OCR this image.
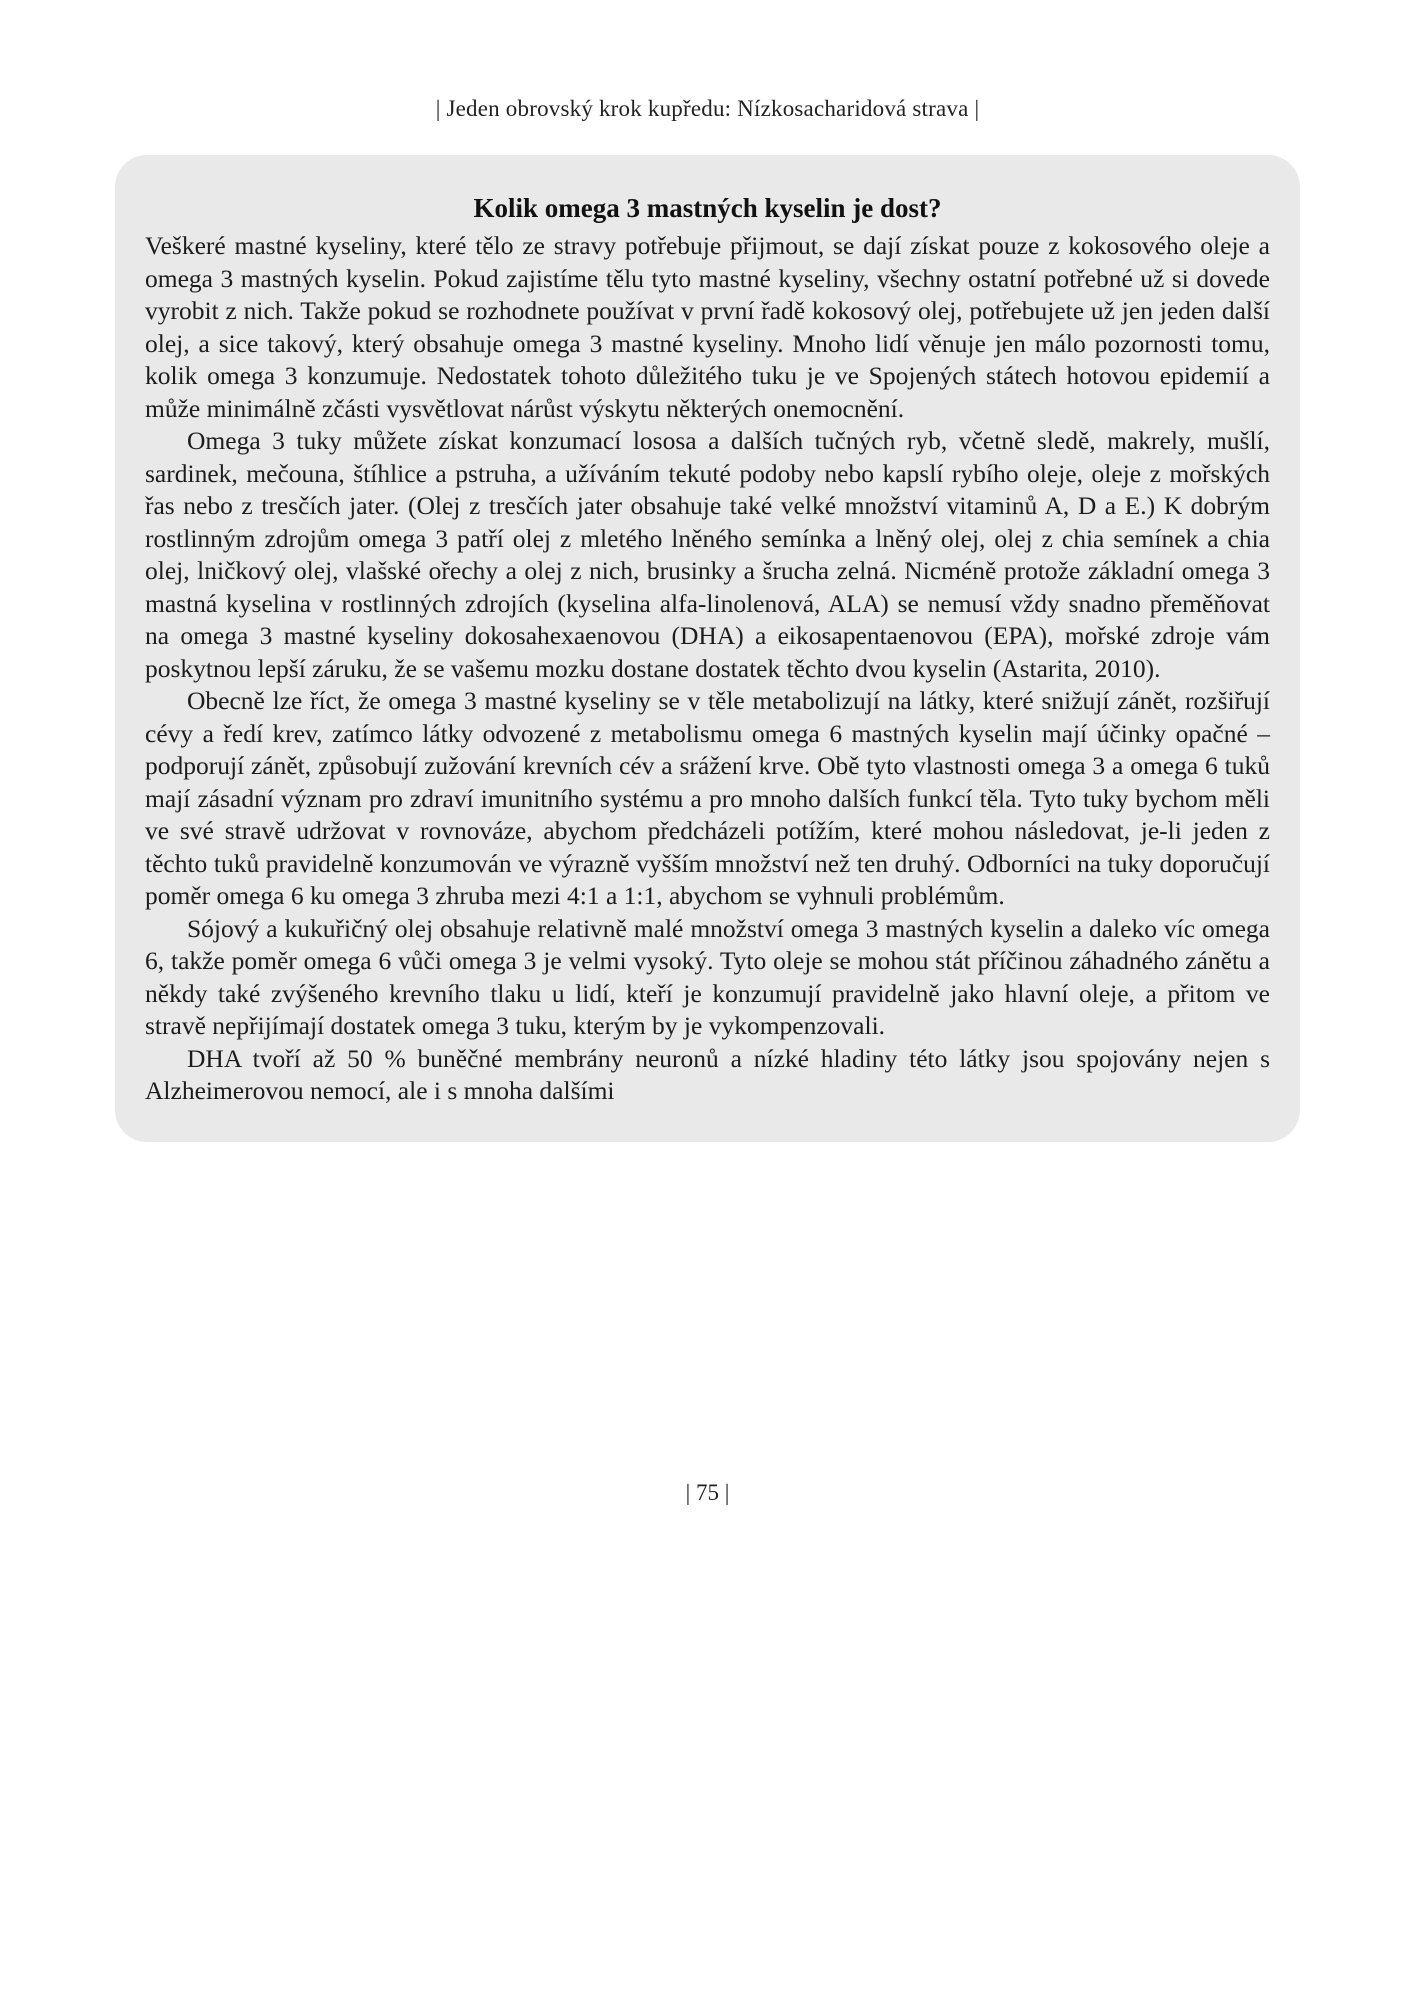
| Jeden obrovský krok kupředu: Nízkosacharidová strava |
Kolik omega 3 mastných kyselin je dost?

Veškeré mastné kyseliny, které tělo ze stravy potřebuje přijmout, se dají získat pouze z kokosového oleje a omega 3 mastných kyselin. Pokud zajistíme tělu tyto mastné kyseliny, všechny ostatní potřebné už si dovede vyrobit z nich. Takže pokud se rozhodnete používat v první řadě kokosový olej, potřebujete už jen jeden další olej, a sice takový, který obsahuje omega 3 mastné kyseliny. Mnoho lidí věnuje jen málo pozornosti tomu, kolik omega 3 konzumuje. Nedostatek tohoto důležitého tuku je ve Spojených státech hotovou epidemií a může minimálně zčásti vysvětlovat nárůst výskytu některých onemocnění.

Omega 3 tuky můžete získat konzumací lososa a dalších tučných ryb, včetně sledě, makrely, mušlí, sardinek, mečouna, štíhlice a pstruha, a užíváním tekuté podoby nebo kapslí rybího oleje, oleje z mořských řas nebo z tresčích jater. (Olej z tresčích jater obsahuje také velké množství vitaminů A, D a E.) K dobrým rostlinným zdrojům omega 3 patří olej z mletého lněného semínka a lněný olej, olej z chia semínek a chia olej, lničkový olej, vlašské ořechy a olej z nich, brusinky a šrucha zelná. Nicméně protože základní omega 3 mastná kyselina v rostlinných zdrojích (kyselina alfa-linolenová, ALA) se nemusí vždy snadno přeměňovat na omega 3 mastné kyseliny dokosahexaenovou (DHA) a eikosapentaenovou (EPA), mořské zdroje vám poskytnou lepší záruku, že se vašemu mozku dostane dostatek těchto dvou kyselin (Astarita, 2010).

Obecně lze říct, že omega 3 mastné kyseliny se v těle metabolizují na látky, které snižují zánět, rozšiřují cévy a ředí krev, zatímco látky odvozené z metabolismu omega 6 mastných kyselin mají účinky opačné – podporují zánět, způsobují zužování krevních cév a srážení krve. Obě tyto vlastnosti omega 3 a omega 6 tuků mají zásadní význam pro zdraví imunitního systému a pro mnoho dalších funkcí těla. Tyto tuky bychom měli ve své stravě udržovat v rovnováze, abychom předcházeli potížím, které mohou následovat, je-li jeden z těchto tuků pravidelně konzumován ve výrazně vyšším množství než ten druhý. Odborníci na tuky doporučují poměr omega 6 ku omega 3 zhruba mezi 4:1 a 1:1, abychom se vyhnuli problémům.

Sójový a kukuřičný olej obsahuje relativně malé množství omega 3 mastných kyselin a daleko víc omega 6, takže poměr omega 6 vůči omega 3 je velmi vysoký. Tyto oleje se mohou stát příčinou záhadného zánětu a někdy také zvýšeného krevního tlaku u lidí, kteří je konzumují pravidelně jako hlavní oleje, a přitom ve stravě nepřijímají dostatek omega 3 tuku, kterým by je vykompenzovali.

DHA tvoří až 50 % buněčné membrány neuronů a nízké hladiny této látky jsou spojovány nejen s Alzheimerovou nemocí, ale i s mnoha dalšími

| 75 |
